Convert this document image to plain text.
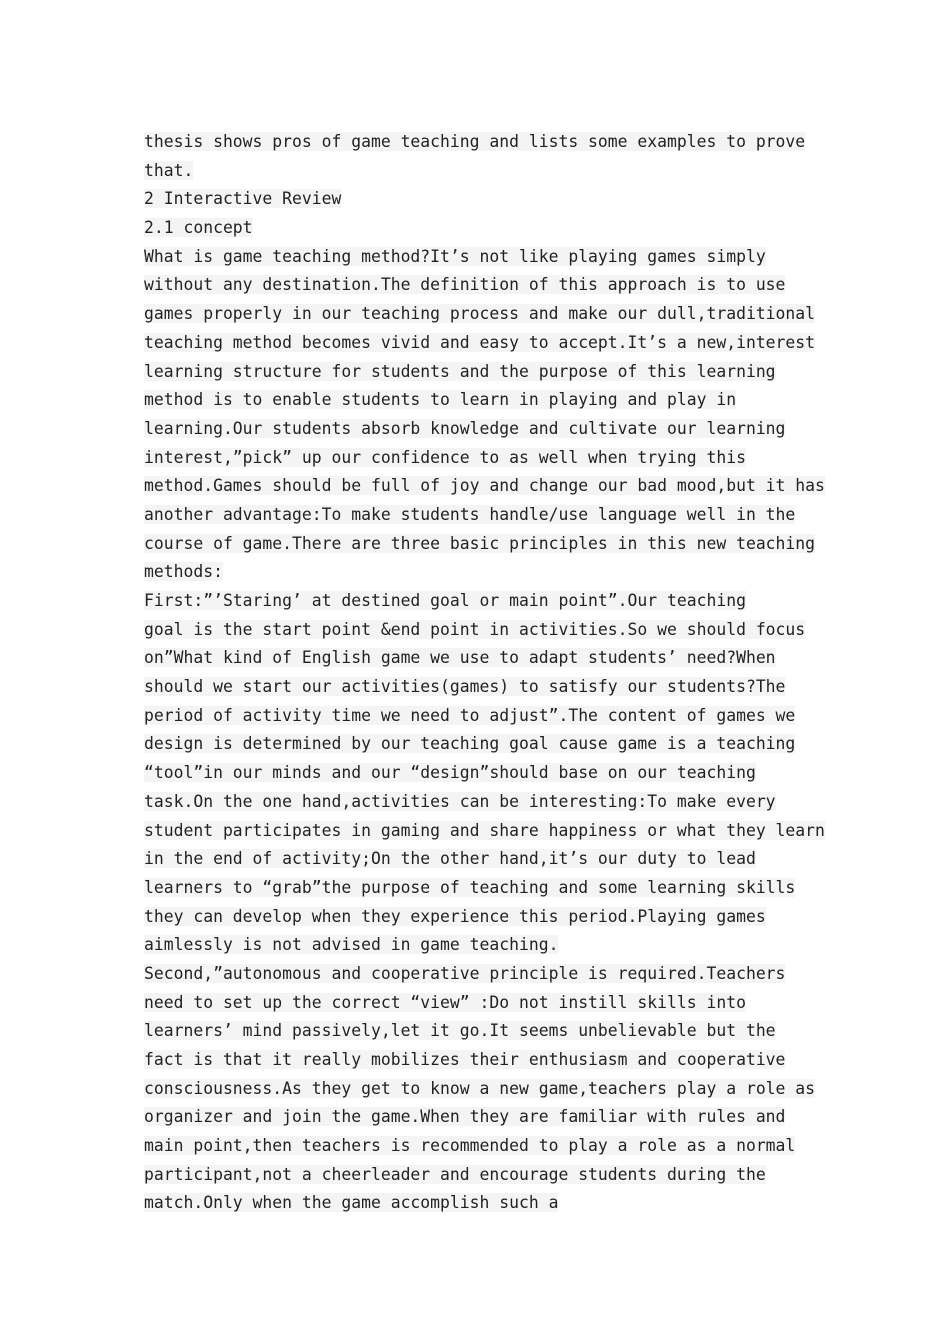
thesis shows pros of game teaching and lists some examples to prove
that.
2 Interactive Review
2.1 concept
What is game teaching method?It’s not like playing games simply
without any destination.The definition of this approach is to use
games properly in our teaching process and make our dull,traditional
teaching method becomes vivid and easy to accept.It’s a new,interest
learning structure for students and the purpose of this learning
method is to enable students to learn in playing and play in
learning.Our students absorb knowledge and cultivate our learning
interest,”pick” up our confidence to as well when trying this
method.Games should be full of joy and change our bad mood,but it has
another advantage:To make students handle/use language well in the
course of game.There are three basic principles in this new teaching
methods:
First:”’Staring’ at destined goal or main point”.Our teaching
goal is the start point &end point in activities.So we should focus
on”What kind of English game we use to adapt students’ need?When
should we start our activities(games) to satisfy our students?The
period of activity time we need to adjust”.The content of games we
design is determined by our teaching goal cause game is a teaching
“tool”in our minds and our “design”should base on our teaching
task.On the one hand,activities can be interesting:To make every
student participates in gaming and share happiness or what they learn
in the end of activity;On the other hand,it’s our duty to lead
learners to “grab”the purpose of teaching and some learning skills
they can develop when they experience this period.Playing games
aimlessly is not advised in game teaching.
Second,”autonomous and cooperative principle is required.Teachers
need to set up the correct “view” :Do not instill skills into
learners’ mind passively,let it go.It seems unbelievable but the
fact is that it really mobilizes their enthusiasm and cooperative
consciousness.As they get to know a new game,teachers play a role as
organizer and join the game.When they are familiar with rules and
main point,then teachers is recommended to play a role as a normal
participant,not a cheerleader and encourage students during the
match.Only when the game accomplish such a
